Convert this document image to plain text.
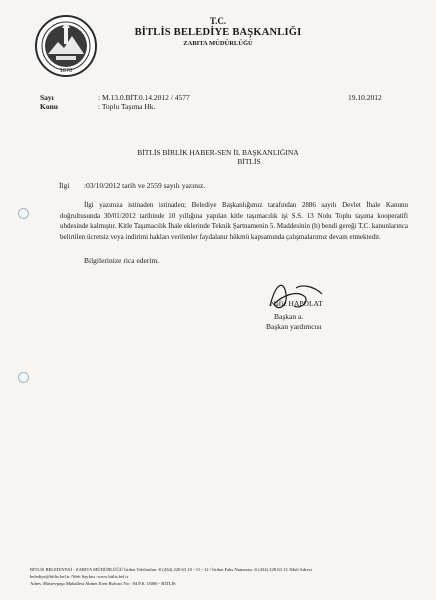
1878
T.C.
BİTLİS BELEDİYE BAŞKANLIĞI
ZABITA MÜDÜRLÜĞÜ
Sayı	: M.13.0.BİT.0.14.2012 / 4577
Konu	: Toplu Taşıma Hk.
19.10.2012
BİTLİS BİRLİK HABER-SEN İL BAŞKANLIĞINA
BİTLİS
İlgi :03/10/2012 tarih ve 2559 sayılı yazınız.
İlgi yazınıza istinaden istinaden; Belediye Başkanlığımız tarafından 2886 sayılı Devlet İhale Kanunu doğrultusunda 30/01/2012 tarihinde 10 yıllığına yapılan kitle taşımacılık işi S.S. 13 Nolu Toplu taşıma kooperatifi uhdesinde kalmıştır. Kitle Taşımacılık İhale eklerinde Teknik Şartnamenin 5. Maddesinin (b) bendi gereği T.C. kanunlarınca belirtilen ücretsiz veya indirimi hakları verilenler faydalanır hükmü kapsamında çalışmalarımız devam etmektedir.
Bilgilerinize rica ederim.
Nafiz HAPOLAT
Başkan a.
Başkan yardımcısı
BİTLİS BELEDİYESİ - ZABITA MÜDÜRLÜĞÜ İrtibat Telefonları :0 (434) 228 63 10 - 11 - 12 / İrtibat Faks Numarası :0 (434) 228 63 13 /Mail Adresi
belediye@bitlis.bel.tr /Web Sayfası :www.bitlis.bel.tr
Adres :Hüsrevpaşa Mahallesi Ahmet Eren Bulvarı No : 84 P.K 13000 - BİTLİS
